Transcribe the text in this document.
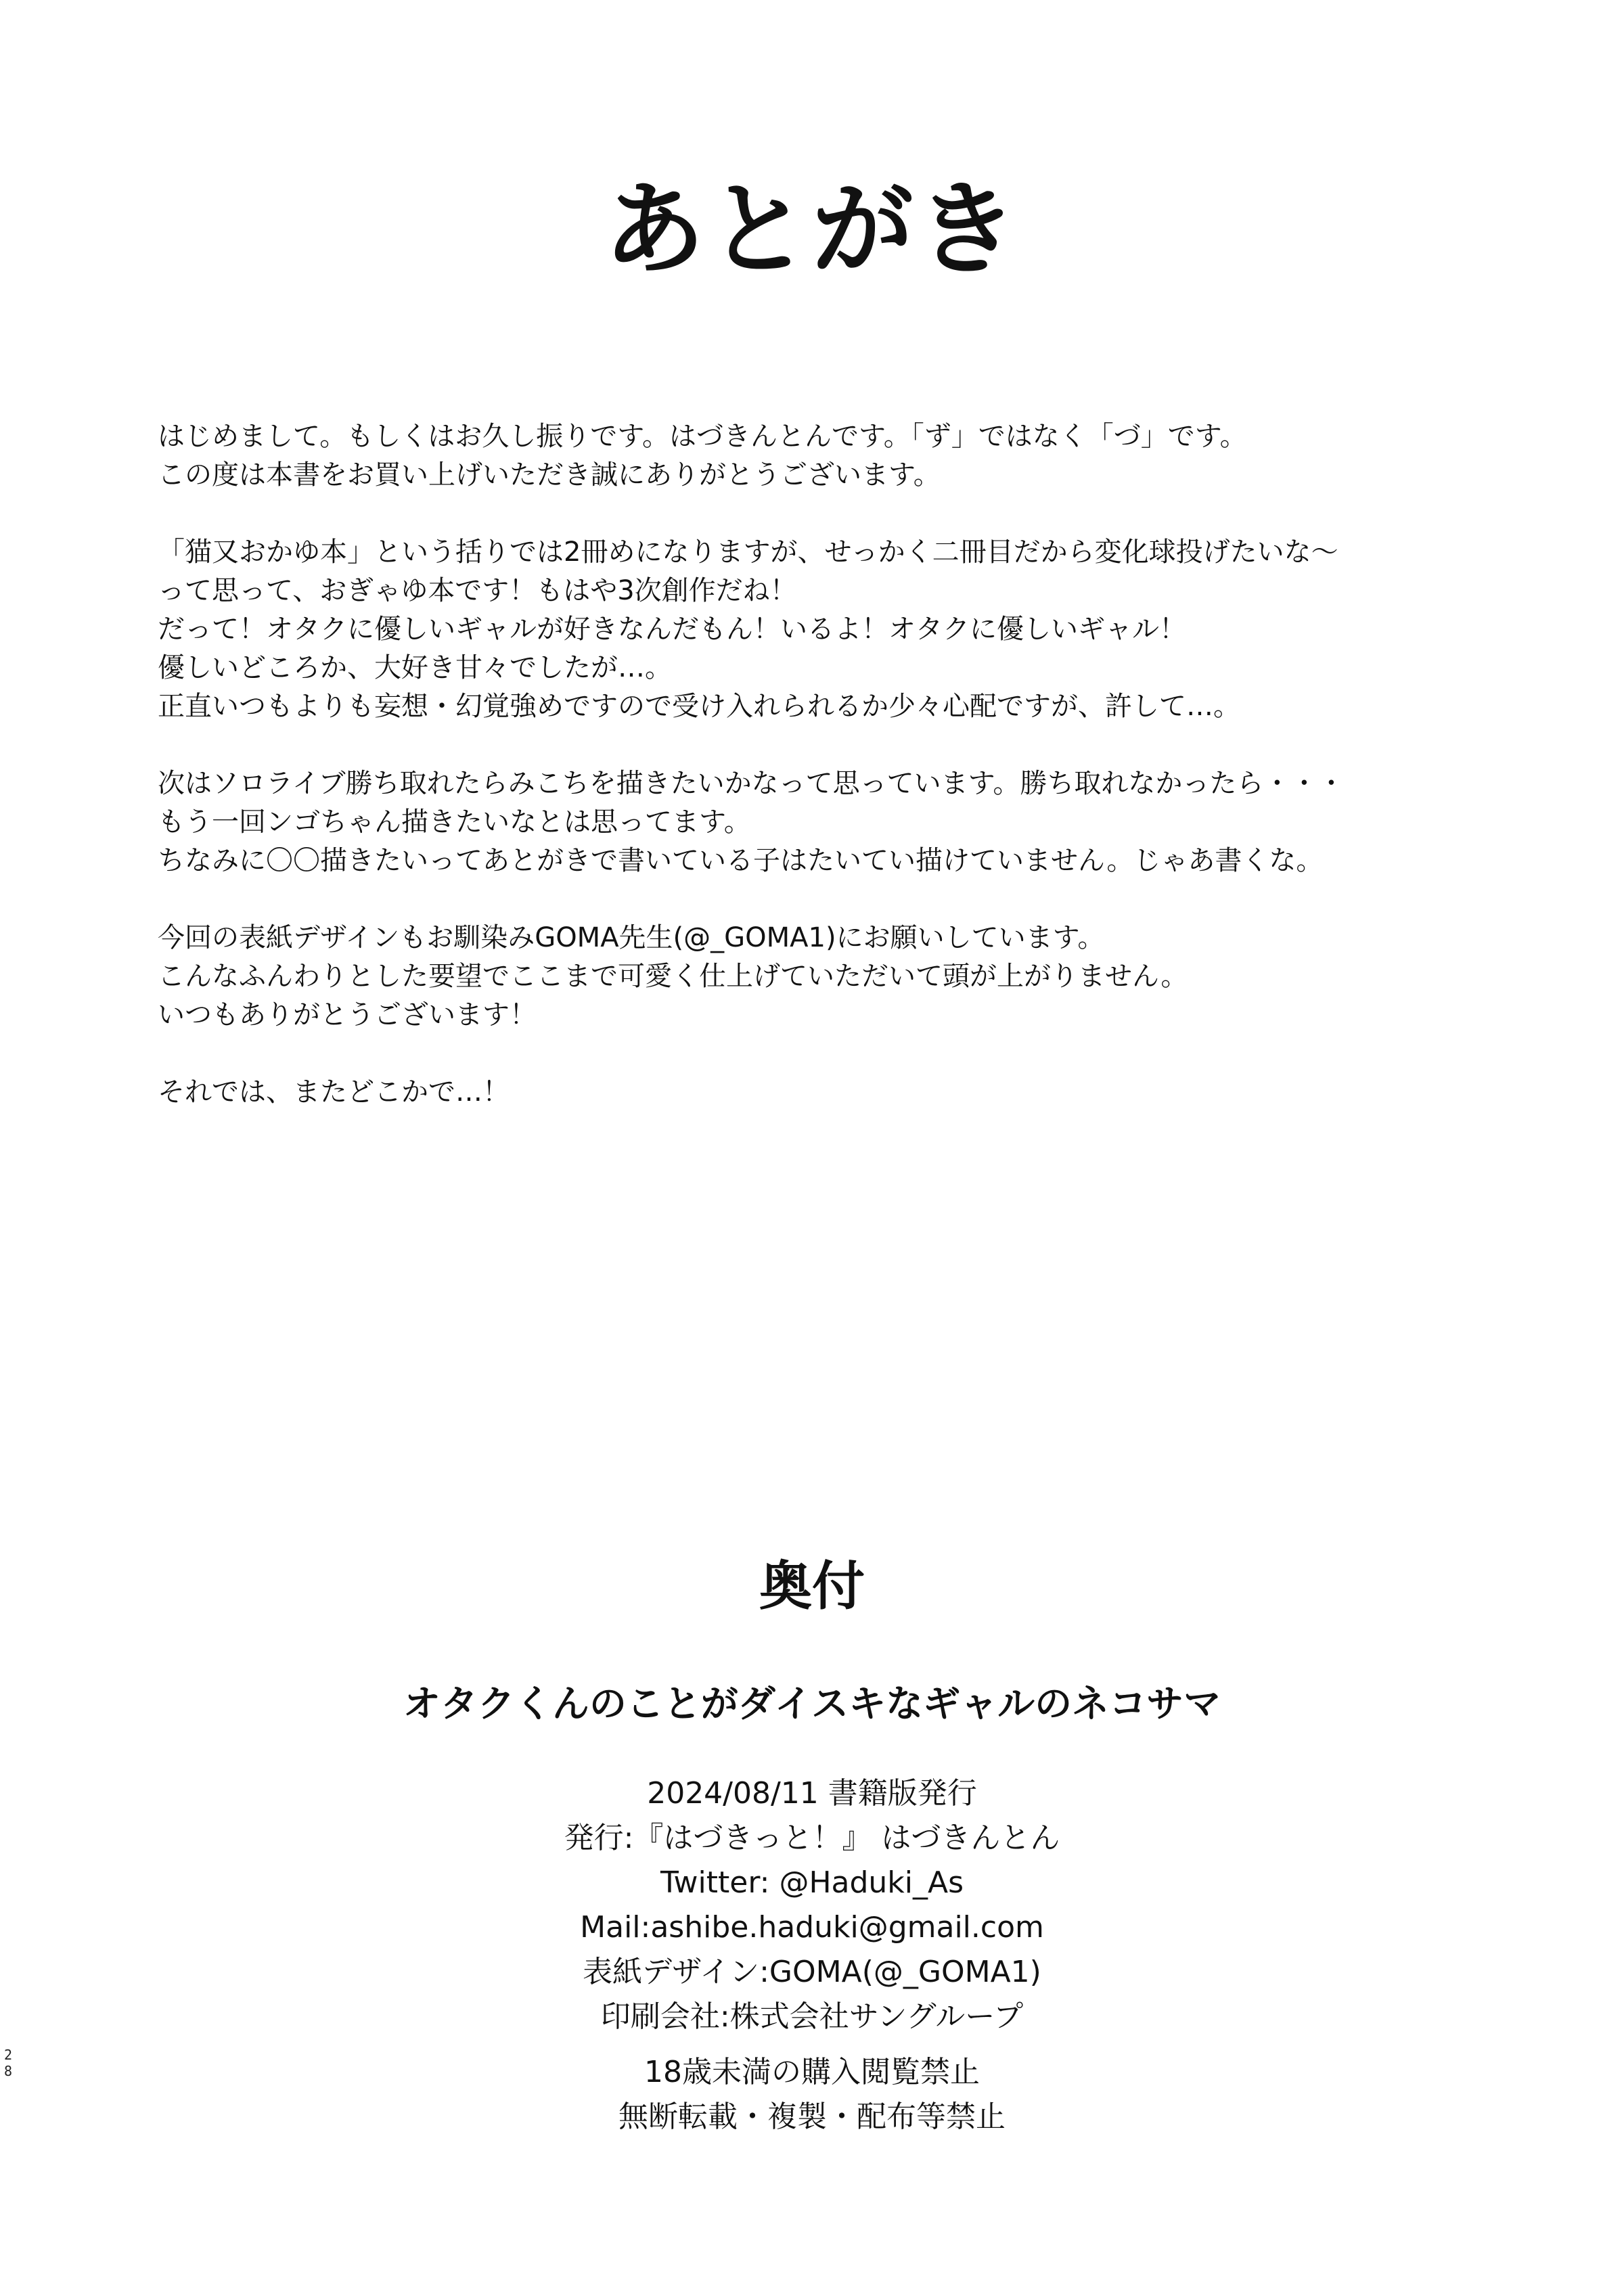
あとがき
はじめまして。もしくはお久し振りです。はづきんとんです。「ず」ではなく「づ」です。
この度は本書をお買い上げいただき誠にありがとうございます。
「猫又おかゆ本」という括りでは2冊めになりますが、せっかく二冊目だから変化球投げたいな～
って思って、おぎゃゆ本です！もはや3次創作だね！
だって！オタクに優しいギャルが好きなんだもん！いるよ！オタクに優しいギャル！
優しいどころか、大好き甘々でしたが…。
正直いつもよりも妄想・幻覚強めですので受け入れられるか少々心配ですが、許して…。
次はソロライブ勝ち取れたらみこちを描きたいかなって思っています。勝ち取れなかったら・・・
もう一回ンゴちゃん描きたいなとは思ってます。
ちなみに〇〇描きたいってあとがきで書いている子はたいてい描けていません。じゃあ書くな。
今回の表紙デザインもお馴染みGOMA先生(@_GOMA1)にお願いしています。
こんなふんわりとした要望でここまで可愛く仕上げていただいて頭が上がりません。
いつもありがとうございます！
それでは、またどこかで…！
奥付
オタクくんのことがダイスキなギャルのネコサマ
2024/08/11 書籍版発行
発行:『はづきっと！』 はづきんとん
Twitter: @Haduki_As
Mail:ashibe.haduki@gmail.com
表紙デザイン:GOMA(@_GOMA1)
印刷会社:株式会社サングループ
18歳未満の購入閲覧禁止
無断転載・複製・配布等禁止
28
